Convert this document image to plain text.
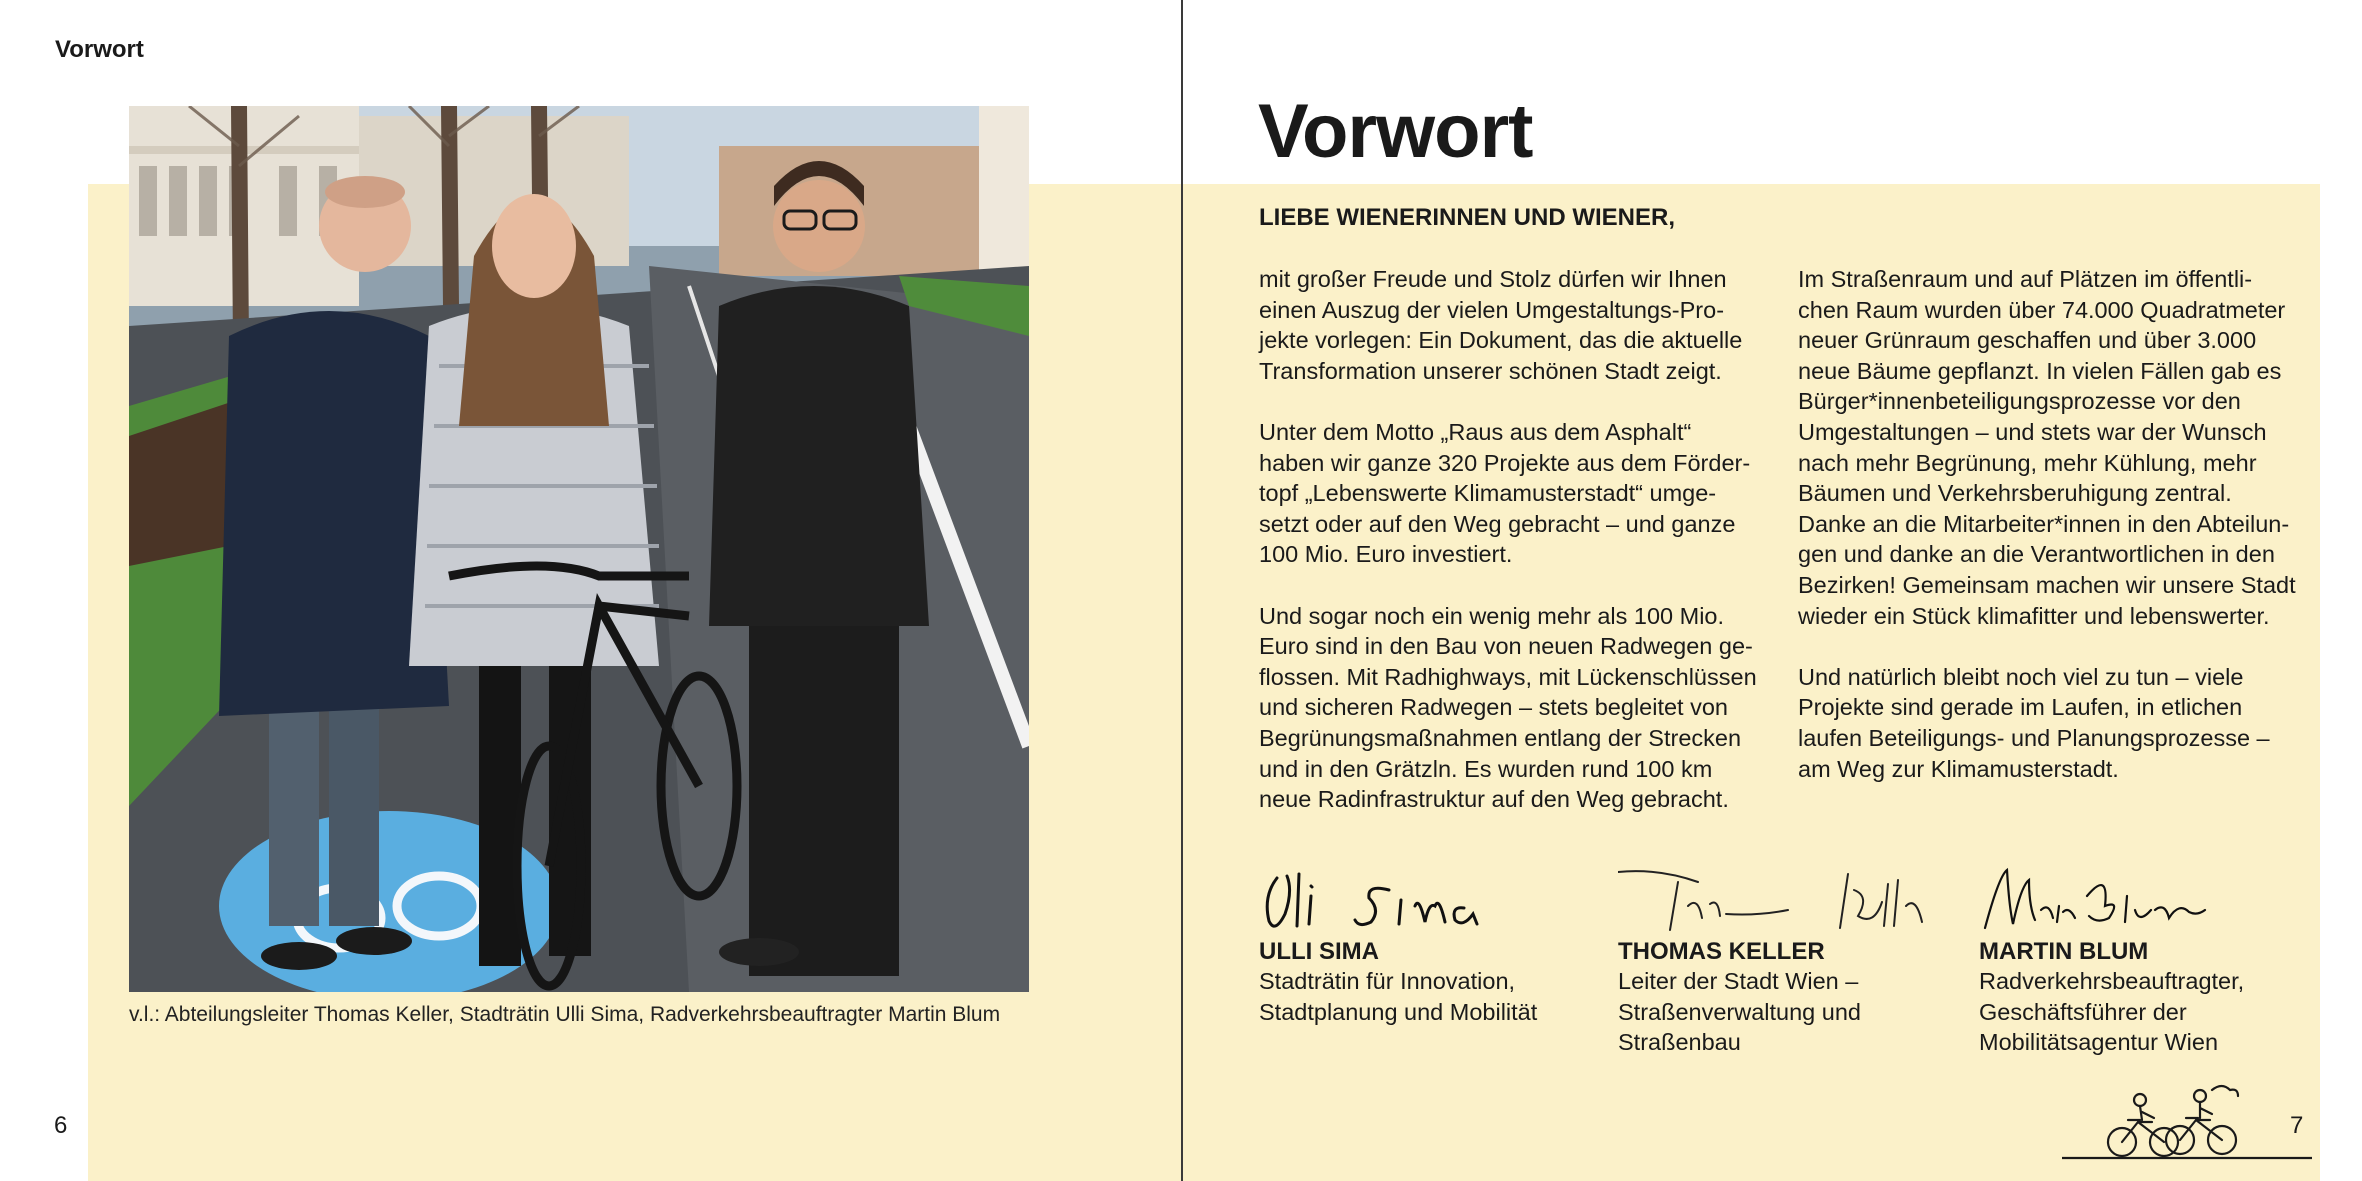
Vorwort
v.l.: Abteilungsleiter Thomas Keller, Stadträtin Ulli Sima, Radverkehrsbeauftragter Martin Blum
6
Vorwort
LIEBE WIENERINNEN UND WIENER,

mit großer Freude und Stolz dürfen wir Ihnen
einen Auszug der vielen Umgestaltungs-Pro-
jekte vorlegen: Ein Dokument, das die aktuelle
Transformation unserer schönen Stadt zeigt.

Unter dem Motto „Raus aus dem Asphalt“
haben wir ganze 320 Projekte aus dem Förder-
topf „Lebenswerte Klimamusterstadt“ umge-
setzt oder auf den Weg gebracht – und ganze
100 Mio. Euro investiert.

Und sogar noch ein wenig mehr als 100 Mio.
Euro sind in den Bau von neuen Radwegen ge-
flossen. Mit Radhighways, mit Lückenschlüssen
und sicheren Radwegen – stets begleitet von
Begrünungsmaßnahmen entlang der Strecken
und in den Grätzln. Es wurden rund 100 km
neue Radinfrastruktur auf den Weg gebracht.

Im Straßenraum und auf Plätzen im öffentli-
chen Raum wurden über 74.000 Quadratmeter
neuer Grünraum geschaffen und über 3.000
neue Bäume gepflanzt. In vielen Fällen gab es
Bürger*innenbeteiligungsprozesse vor den
Umgestaltungen – und stets war der Wunsch
nach mehr Begrünung, mehr Kühlung, mehr
Bäumen und Verkehrsberuhigung zentral.
Danke an die Mitarbeiter*innen in den Abteilun-
gen und danke an die Verantwortlichen in den
Bezirken! Gemeinsam machen wir unsere Stadt
wieder ein Stück klimafitter und lebenswerter.

Und natürlich bleibt noch viel zu tun – viele
Projekte sind gerade im Laufen, in etlichen
laufen Beteiligungs- und Planungsprozesse –
am Weg zur Klimamusterstadt.

ULLI SIMA
Stadträtin für Innovation,
Stadtplanung und Mobilität
THOMAS KELLER
Leiter der Stadt Wien –
Straßenverwaltung und
Straßenbau
MARTIN BLUM
Radverkehrsbeauftragter,
Geschäftsführer der
Mobilitätsagentur Wien
7
